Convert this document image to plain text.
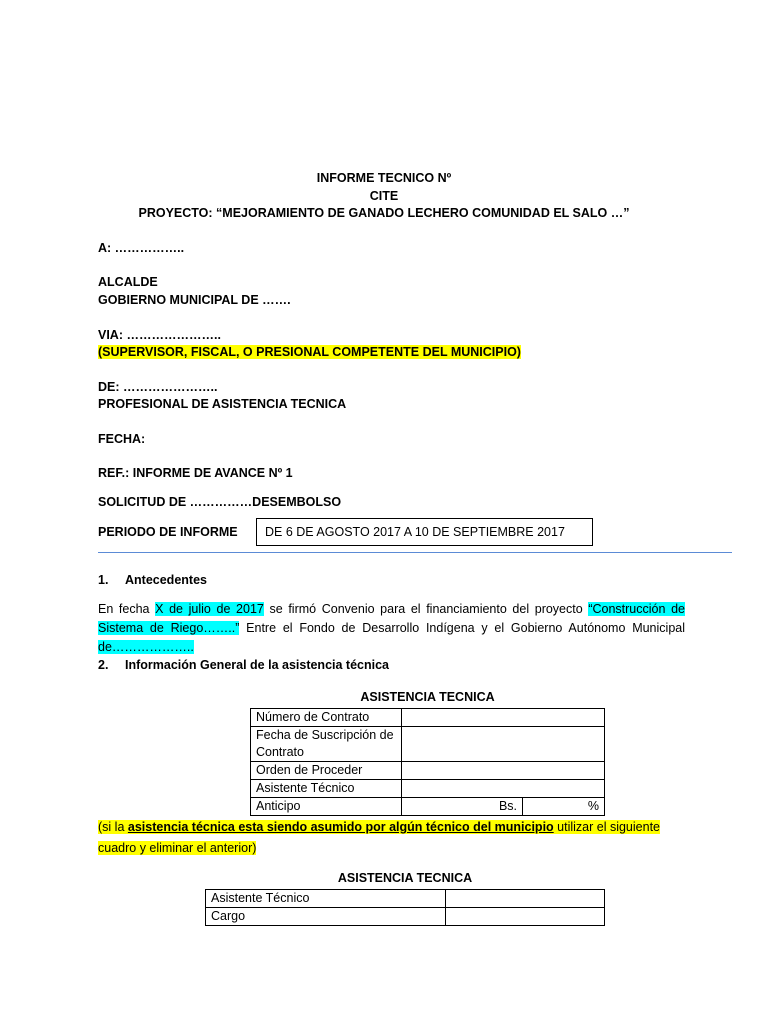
INFORME TECNICO Nº
CITE
PROYECTO: “MEJORAMIENTO DE GANADO LECHERO COMUNIDAD EL SALO …”
A: ……………..
ALCALDE
GOBIERNO MUNICIPAL DE …….
VIA: …………………..
(SUPERVISOR, FISCAL, O PRESIONAL COMPETENTE DEL MUNICIPIO)
DE: …………………..
PROFESIONAL DE ASISTENCIA TECNICA
FECHA:
REF.: INFORME DE AVANCE Nº 1
SOLICITUD DE ……………DESEMBOLSO
PERIODO DE INFORME	DE 6 DE AGOSTO 2017 A 10 DE SEPTIEMBRE 2017
1. Antecedentes
En fecha X de julio de 2017 se firmó Convenio para el financiamiento del proyecto “Construcción de Sistema de Riego……..” Entre el Fondo de Desarrollo Indígena y el Gobierno Autónomo Municipal de………………..
2. Información General de la asistencia técnica
ASISTENCIA TECNICA
Número de Contrato		
Fecha de Suscripción de Contrato		
Orden de Proceder		
Asistente Técnico		
Anticipo	Bs.	%
(si la asistencia técnica esta siendo asumido por algún técnico del municipio utilizar el siguiente cuadro y eliminar el anterior)
ASISTENCIA TECNICA
Asistente Técnico	
Cargo	
